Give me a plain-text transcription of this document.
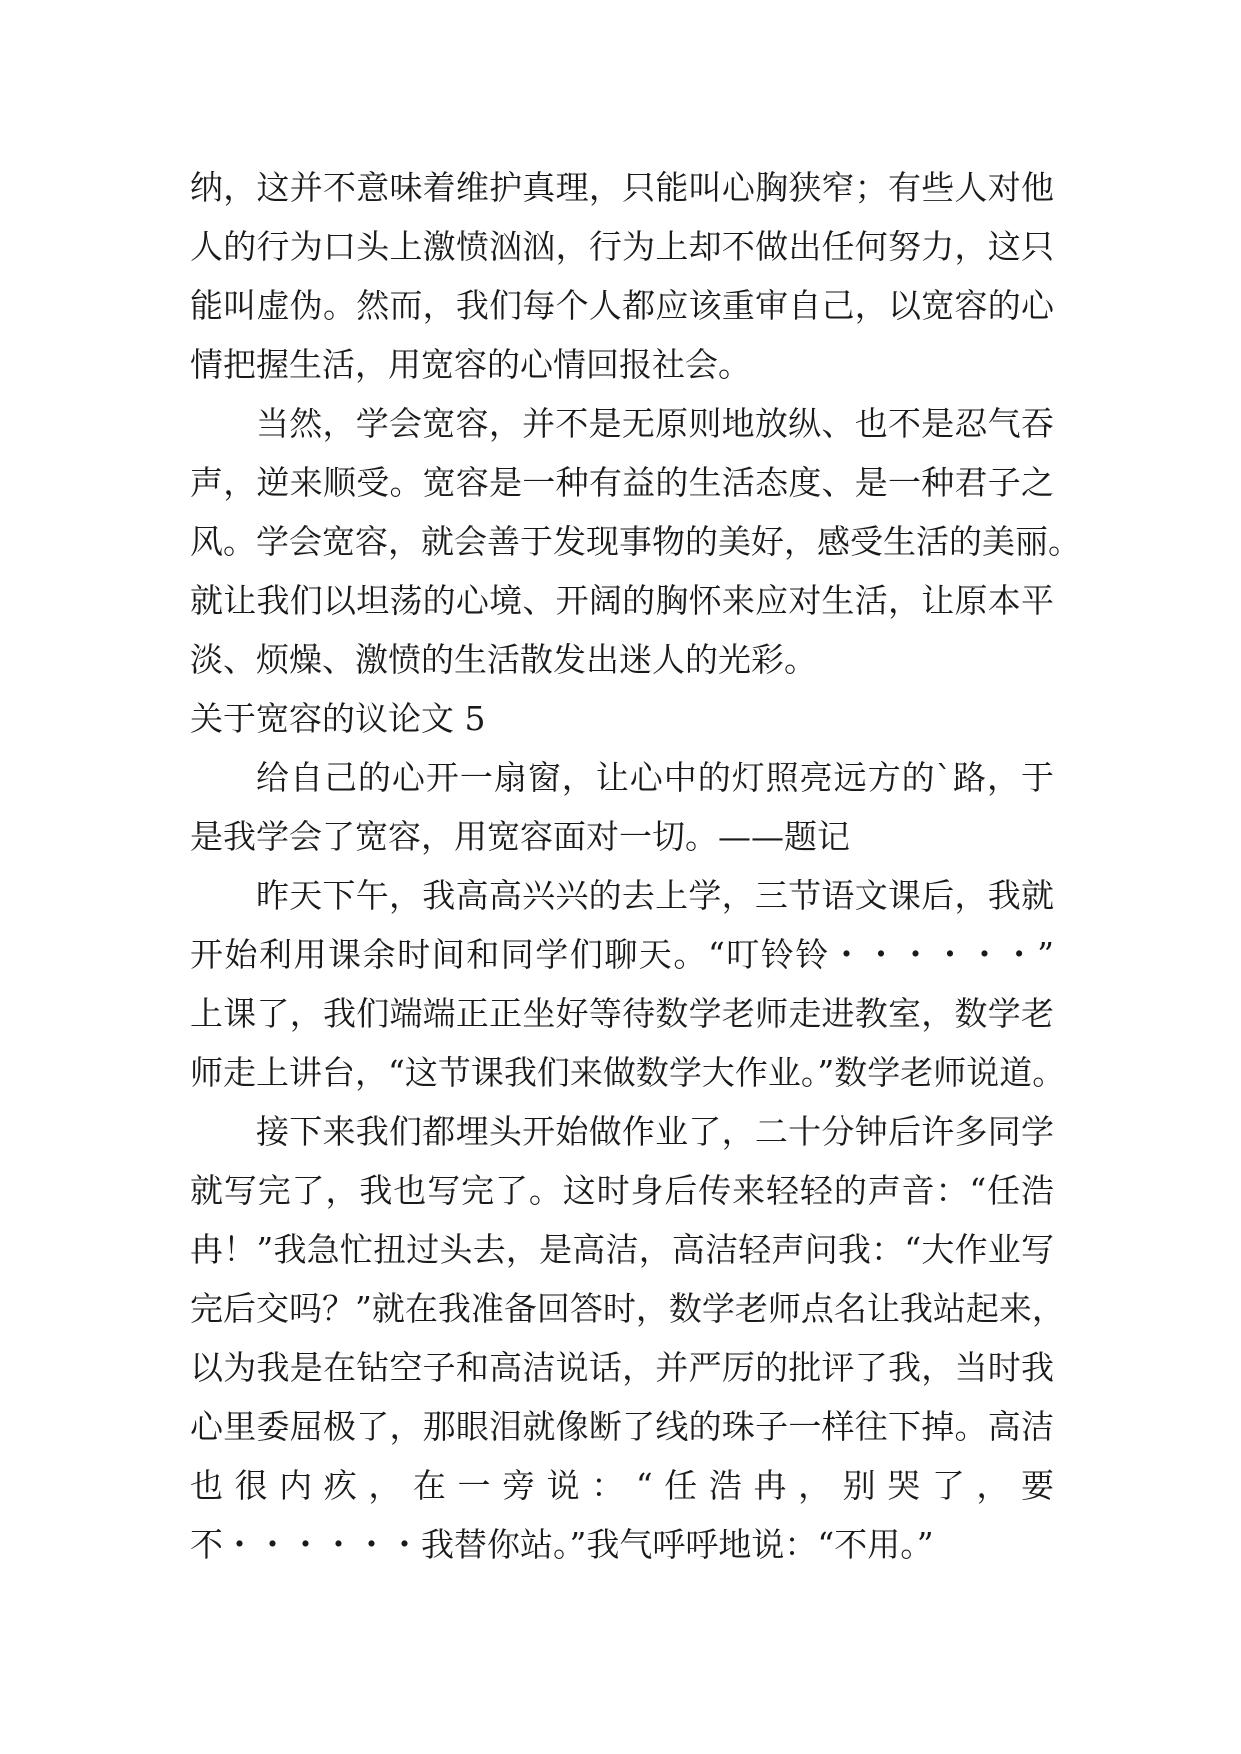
纳，这并不意味着维护真理，只能叫心胸狭窄；有些人对他
人的行为口头上激愤汹汹，行为上却不做出任何努力，这只
能叫虚伪。然而，我们每个人都应该重审自己，以宽容的心
情把握生活，用宽容的心情回报社会。
当然，学会宽容，并不是无原则地放纵、也不是忍气吞
声，逆来顺受。宽容是一种有益的生活态度、是一种君子之
风。学会宽容，就会善于发现事物的美好，感受生活的美丽。
就让我们以坦荡的心境、开阔的胸怀来应对生活，让原本平
淡、烦燥、激愤的生活散发出迷人的光彩。
关于宽容的议论文 5
给自己的心开一扇窗，让心中的灯照亮远方的`路，于
是我学会了宽容，用宽容面对一切。——题记
昨天下午，我高高兴兴的去上学，三节语文课后，我就
开始利用课余时间和同学们聊天。“叮铃铃・・・・・・”
上课了，我们端端正正坐好等待数学老师走进教室，数学老
师走上讲台，“这节课我们来做数学大作业。”数学老师说道。
接下来我们都埋头开始做作业了，二十分钟后许多同学
就写完了，我也写完了。这时身后传来轻轻的声音：“任浩
冉！”我急忙扭过头去，是高洁，高洁轻声问我：“大作业写
完后交吗？”就在我准备回答时，数学老师点名让我站起来，
以为我是在钻空子和高洁说话，并严厉的批评了我，当时我
心里委屈极了，那眼泪就像断了线的珠子一样往下掉。高洁
也很内疚，在一旁说：“任浩冉，别哭了，要
不・・・・・・我替你站。”我气呼呼地说：“不用。”
